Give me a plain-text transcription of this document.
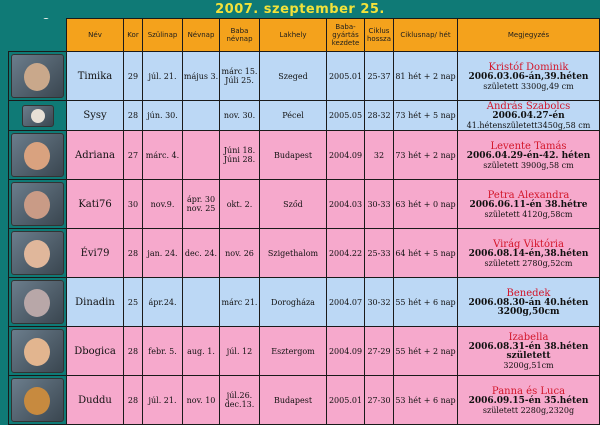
2007. szeptember 25.
	Név	Kor	Szülinap	Névnap	Baba névnap	Lakhely	Baba-gyártás kezdete	Ciklus hossza	Ciklusnap/ hét	Megjegyzés

	Timika	29	júl. 21.	május 3.	márc 15. Júli 25.	Szeged	2005.01	25-37	81 hét + 2 nap	Kristóf Dominik
2006.03.06-án,39.héten
született 3300g,49 cm

	Sysy	28	jún. 30.		nov. 30.	Pécel	2005.05	28-32	73 hét + 5 nap	András Szabolcs
2006.04.27-én
41.hétenszületett3450g,58 cm

	Adriana	27	márc. 4.		Júni 18. Júni 28.	Budapest	2004.09	32	73 hét + 2 nap	Levente Tamás
2006.04.29-én-42. héten
született 3900g,58 cm

	Kati76	30	nov.9.	ápr. 30 nov. 25	okt. 2.	Sződ	2004.03	30-33	63 hét + 0 nap	Petra Alexandra
2006.06.11-én 38.hétre
született 4120g,58cm

	Évi79	28	jan. 24.	dec. 24.	nov. 26	Szigethalom	2004.22	25-33	64 hét + 5 nap	Virág Viktória
2006.08.14-én,38.héten
született 2780g,52cm

	Dinadin	25	ápr.24.		márc 21.	Dorogháza	2004.07	30-32	55 hét + 6 nap	Benedek
2006.08.30-án 40.héten 3200g,50cm

	Dbogica	28	febr. 5.	aug. 1.	júl. 12	Esztergom	2004.09	27-29	55 hét + 2 nap	Izabella
2006.08.31-én 38.héten született
3200g,51cm

	Duddu	28	júl. 21.	nov. 10	júl.26. dec.13.	Budapest	2005.01	27-30	53 hét + 6 nap	Panna és Luca
2006.09.15-én 35.héten
született 2280g,2320g
